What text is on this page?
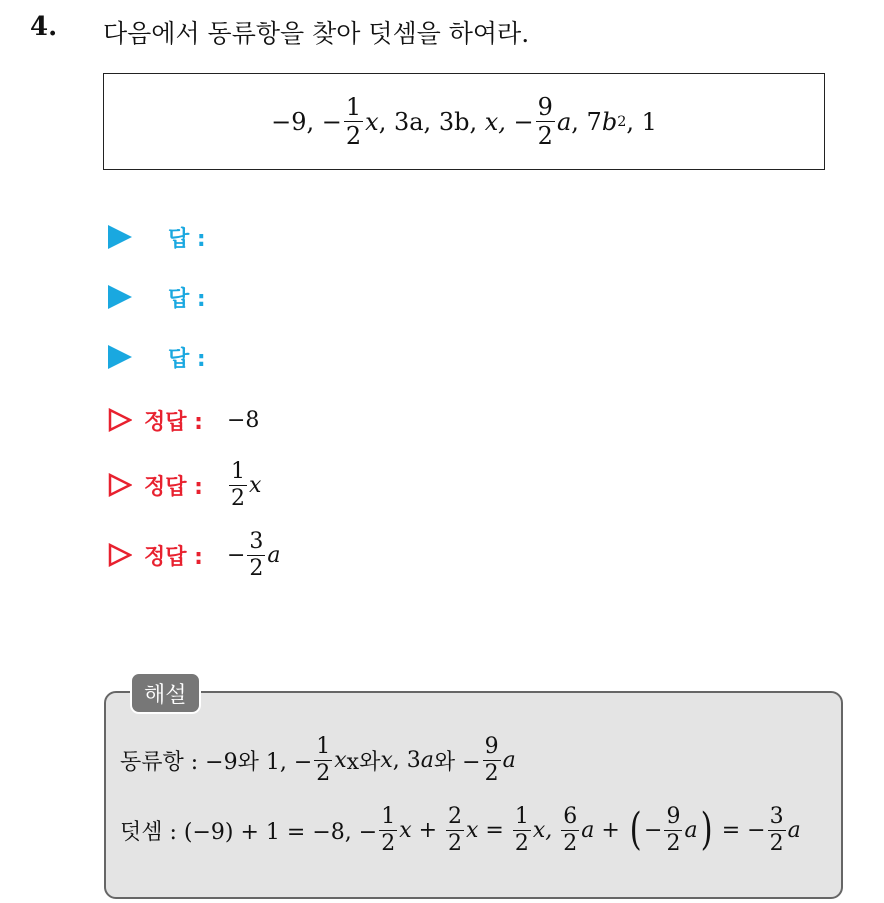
4. 다음에서 동류항을 찾아 덧셈을 하여라.
−9,
− $\frac{1}{2}$ x ,
3a,
3b,
x,
− $\frac{9}{2}$ a ,
7 b 2 ,
1
답 :
답 :
답 :
정답 : −8
정답 : $\frac{1}{2}$ x
정답 : − $\frac{3}{2}$ a
해설
동류항 : −9와 1, − $\frac{1}{2}$ x x와 x , 3 a 와 − $\frac{9}{2}$ a
덧셈 : (−9) + 1 = −8, − $\frac{1}{2}$ x +
$\frac{2}{2}$ x =
$\frac{1}{2} x$,
$\frac{6}{2}$ a +
( − $\frac{9}{2}$ a )
= − $\frac{3}{2}$ a
